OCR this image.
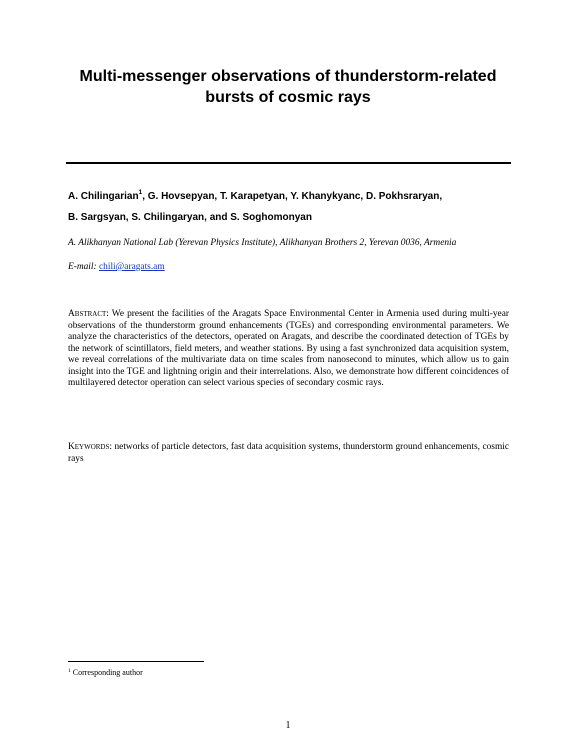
Multi-messenger observations of thunderstorm-related
bursts of cosmic rays
A. Chilingarian$^1$, G. Hovsepyan, T. Karapetyan, Y. Khanykyanc, D. Pokhsraryan,
B. Sargsyan, S. Chilingaryan, and S. Soghomonyan
A. Alikhanyan National Lab (Yerevan Physics Institute), Alikhanyan Brothers 2, Yerevan 0036, Armenia
E-mail: chili@aragats.am
Abstract: We present the facilities of the Aragats Space Environmental Center in Armenia used during multi-year observations of the thunderstorm ground enhancements (TGEs) and corresponding environmental parameters. We analyze the characteristics of the detectors, operated on Aragats, and describe the coordinated detection of TGEs by the network of scintillators, field meters, and weather stations. By using a fast synchronized data acquisition system, we reveal correlations of the multivariate data on time scales from nanosecond to minutes, which allow us to gain insight into the TGE and lightning origin and their interrelations. Also, we demonstrate how different coincidences of multilayered detector operation can select various species of secondary cosmic rays.
Keywords: networks of particle detectors, fast data acquisition systems, thunderstorm ground enhancements, cosmic rays
$^1$ Corresponding author
1
